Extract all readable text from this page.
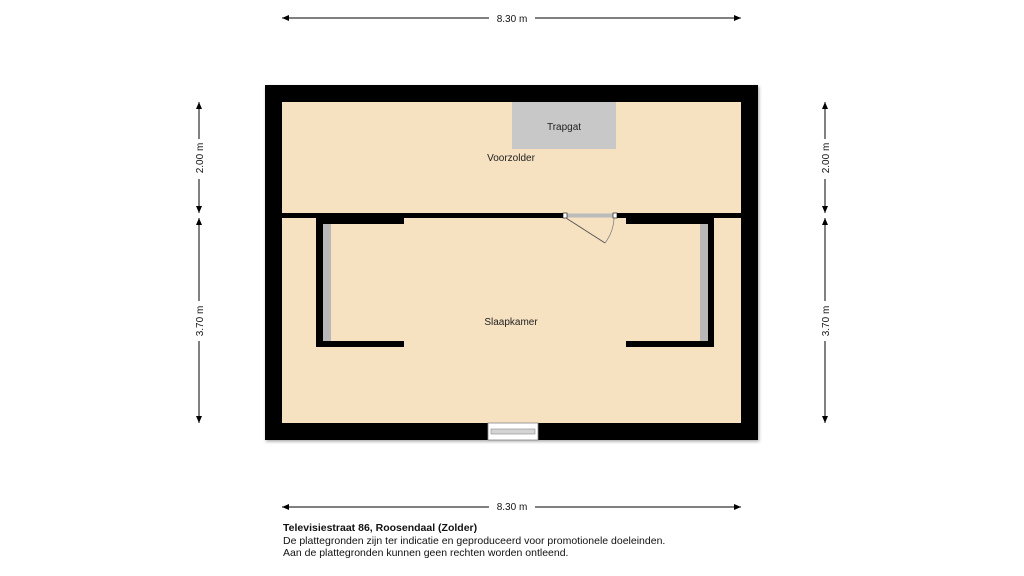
Trapgat
Voorzolder
Slaapkamer
8.30 m
8.30 m
2.00 m
3.70 m
2.00 m
3.70 m
Televisiestraat 86, Roosendaal (Zolder)
De plattegronden zijn ter indicatie en geproduceerd voor promotionele doeleinden.
Aan de plattegronden kunnen geen rechten worden ontleend.
